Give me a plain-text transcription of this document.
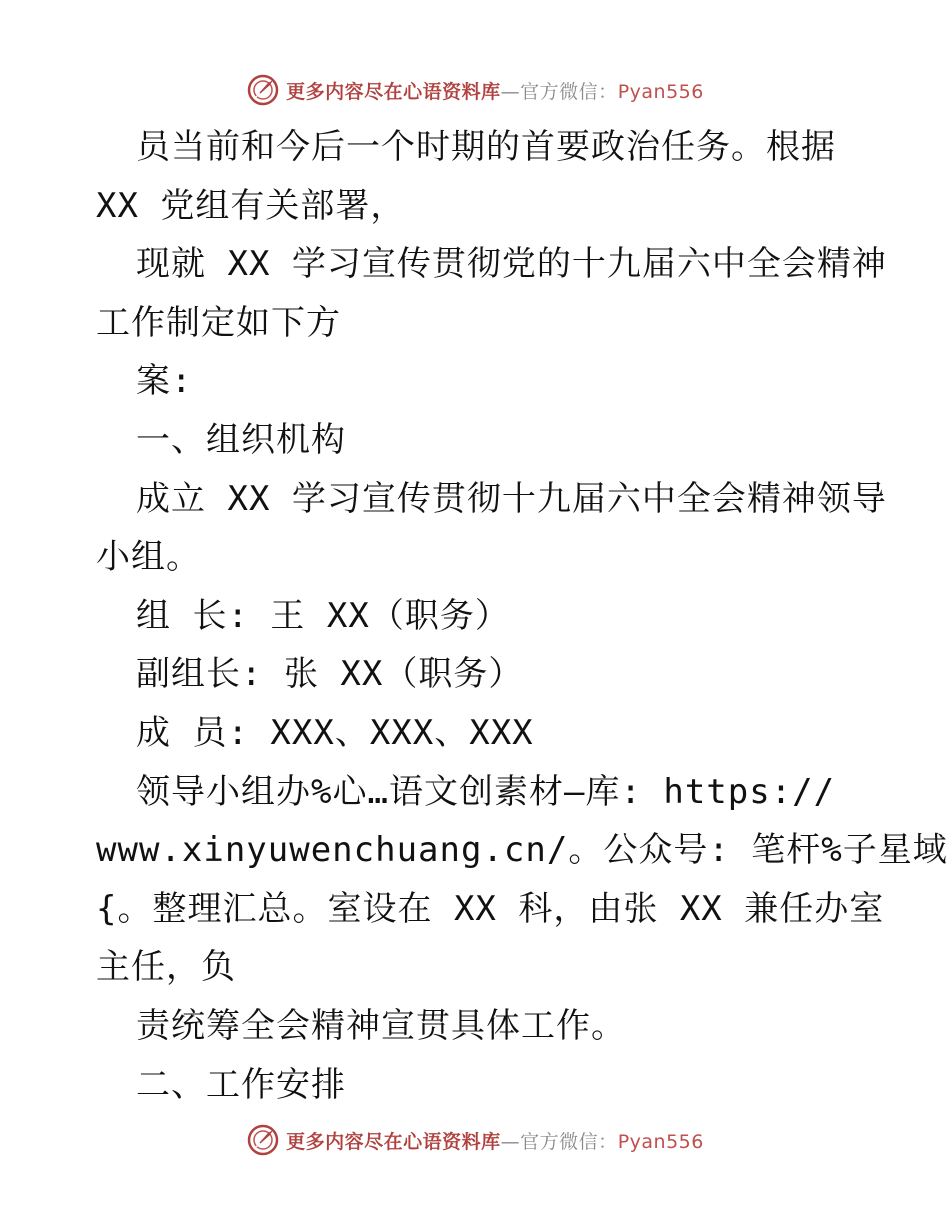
更多内容尽在心语资料库—官方微信：Pyan556
员当前和今后一个时期的首要政治任务。根据
XX 党组有关部署，
现就 XX 学习宣传贯彻党的十九届六中全会精神
工作制定如下方
案:
一、组织机构
成立 XX 学习宣传贯彻十九届六中全会精神领导
小组。
组 长: 王 XX（职务）
副组长: 张 XX（职务）
成 员: XXX、XXX、XXX
领导小组办%心…语文创素材—库: https://
www.xinyuwenchuang.cn/。公众号: 笔杆%子星域
{。整理汇总。室设在 XX 科，由张 XX 兼任办室
主任，负
责统筹全会精神宣贯具体工作。
二、工作安排
更多内容尽在心语资料库—官方微信：Pyan556
